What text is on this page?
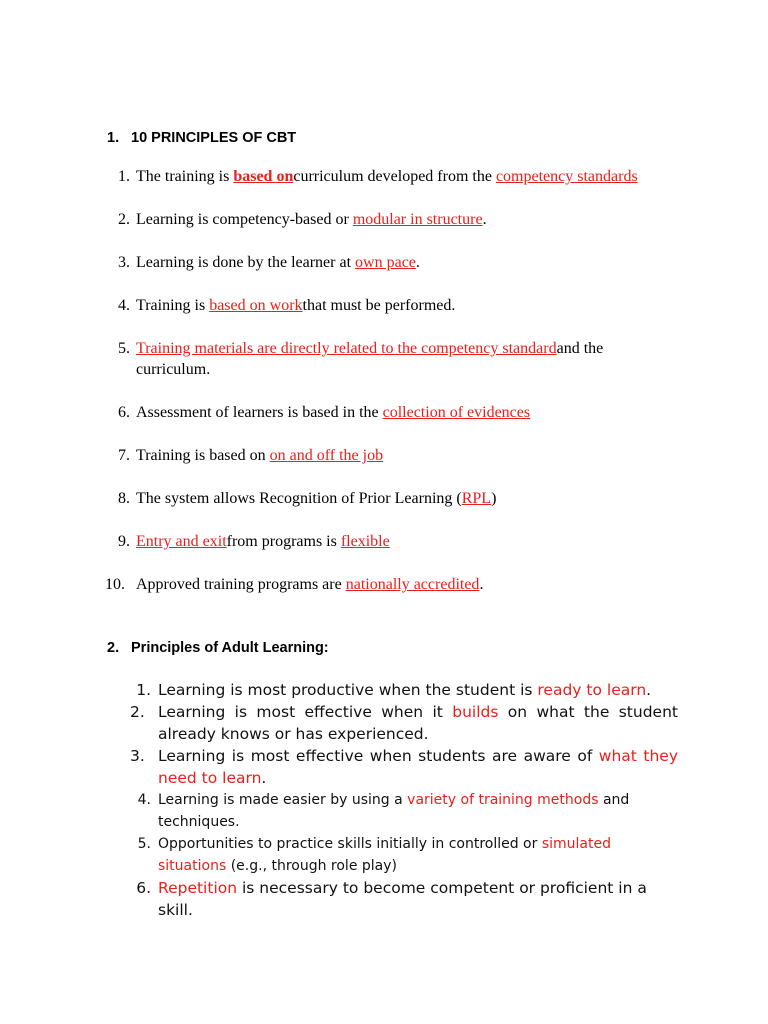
1. 10 PRINCIPLES OF CBT
1. The training is based oncurriculum developed from the competency standards
2. Learning is competency-based or modular in structure.
3. Learning is done by the learner at own pace.
4. Training is based on workthat must be performed.
5. Training materials are directly related to the competency standardand the curriculum.
6. Assessment of learners is based in the collection of evidences
7. Training is based on on and off the job
8. The system allows Recognition of Prior Learning (RPL)
9. Entry and exitfrom programs is flexible
10. Approved training programs are nationally accredited.
2. Principles of Adult Learning:
1. Learning is most productive when the student is ready to learn.
2. Learning is most effective when it builds on what the student already knows or has experienced.
3. Learning is most effective when students are aware of what they need to learn.
4. Learning is made easier by using a variety of training methods and techniques.
5. Opportunities to practice skills initially in controlled or simulated situations (e.g., through role play)
6. Repetition is necessary to become competent or proficient in a skill.
